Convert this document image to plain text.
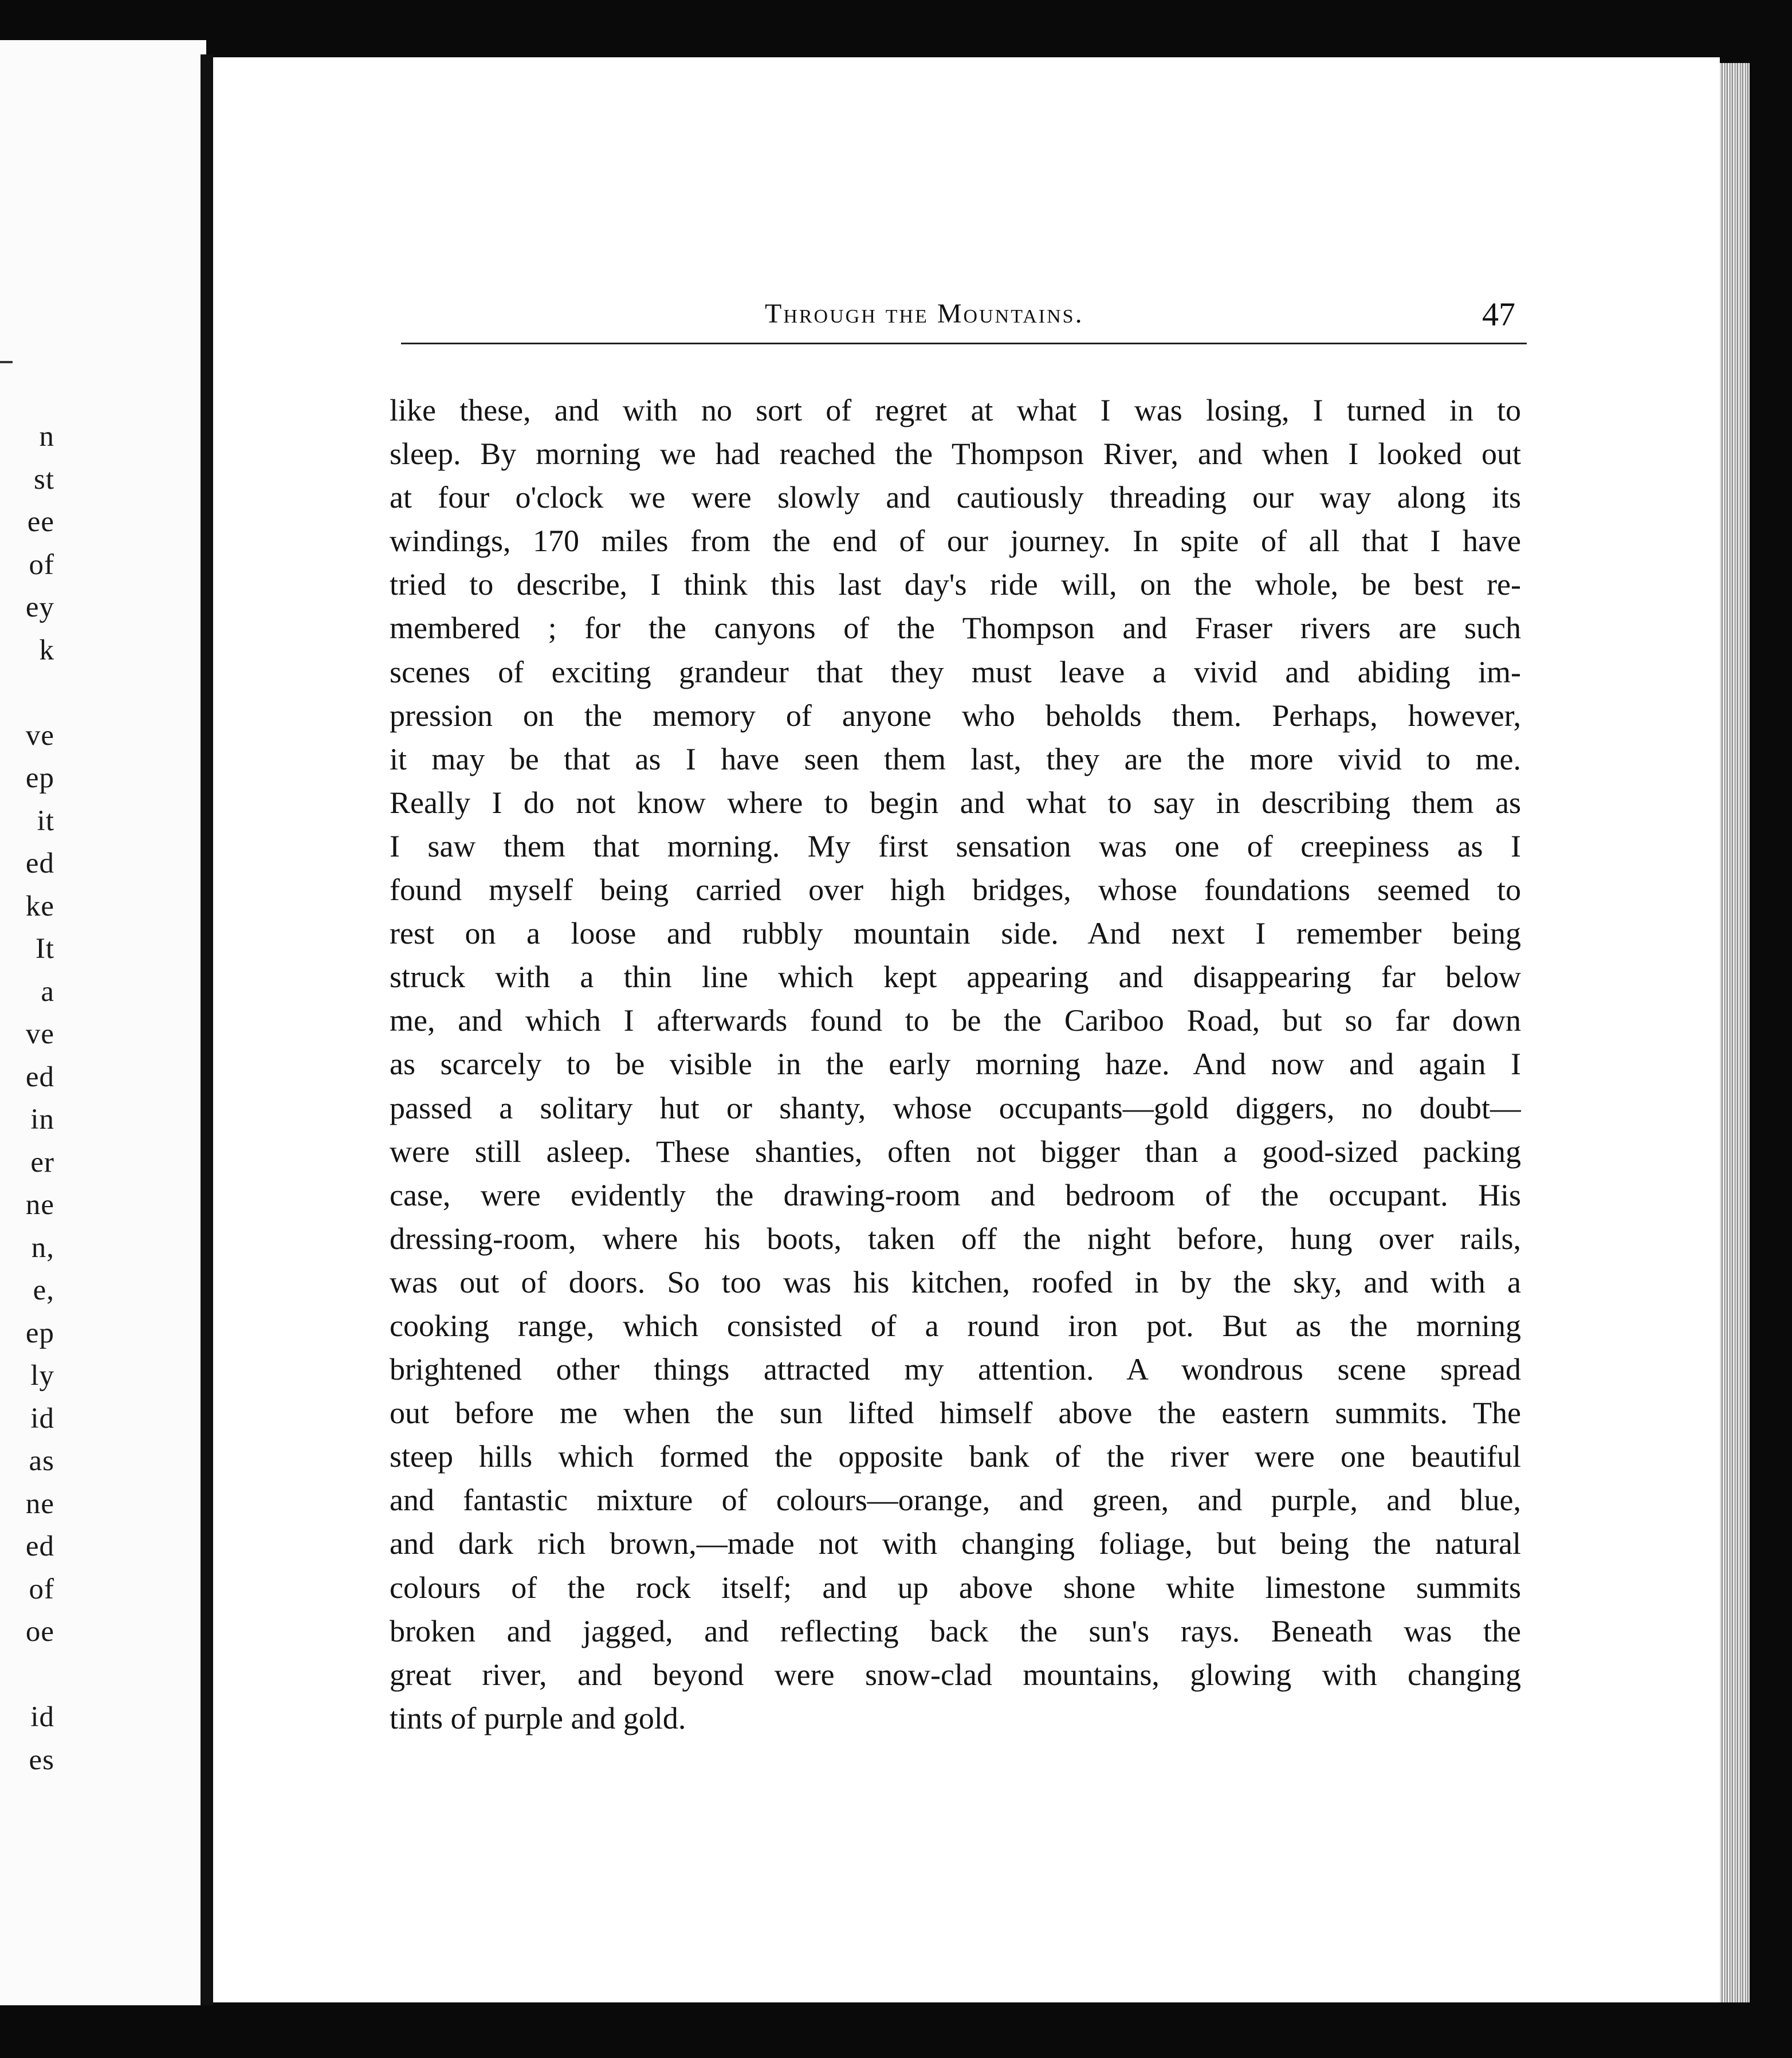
n
st
ee
of
ey
k
ve
ep
it
ed
ke
It
a
ve
ed
in
er
ne
n,
e,
ep
ly
id
as
ne
ed
of
oe
id
es
Through the Mountains.	47
like these, and with no sort of regret at what I was losing, I turned in to
sleep. By morning we had reached the Thompson River, and when I looked out
at four o'clock we were slowly and cautiously threading our way along its
windings, 170 miles from the end of our journey. In spite of all that I have
tried to describe, I think this last day's ride will, on the whole, be best re-
membered ; for the canyons of the Thompson and Fraser rivers are such
scenes of exciting grandeur that they must leave a vivid and abiding im-
pression on the memory of anyone who beholds them. Perhaps, however,
it may be that as I have seen them last, they are the more vivid to me.
Really I do not know where to begin and what to say in describing them as
I saw them that morning. My first sensation was one of creepiness as I
found myself being carried over high bridges, whose foundations seemed to
rest on a loose and rubbly mountain side. And next I remember being
struck with a thin line which kept appearing and disappearing far below
me, and which I afterwards found to be the Cariboo Road, but so far down
as scarcely to be visible in the early morning haze. And now and again I
passed a solitary hut or shanty, whose occupants—gold diggers, no doubt—
were still asleep. These shanties, often not bigger than a good-sized packing
case, were evidently the drawing-room and bedroom of the occupant. His
dressing-room, where his boots, taken off the night before, hung over rails,
was out of doors. So too was his kitchen, roofed in by the sky, and with a
cooking range, which consisted of a round iron pot. But as the morning
brightened other things attracted my attention. A wondrous scene spread
out before me when the sun lifted himself above the eastern summits. The
steep hills which formed the opposite bank of the river were one beautiful
and fantastic mixture of colours—orange, and green, and purple, and blue,
and dark rich brown,—made not with changing foliage, but being the natural
colours of the rock itself; and up above shone white limestone summits
broken and jagged, and reflecting back the sun's rays. Beneath was the
great river, and beyond were snow-clad mountains, glowing with changing
tints of purple and gold.
